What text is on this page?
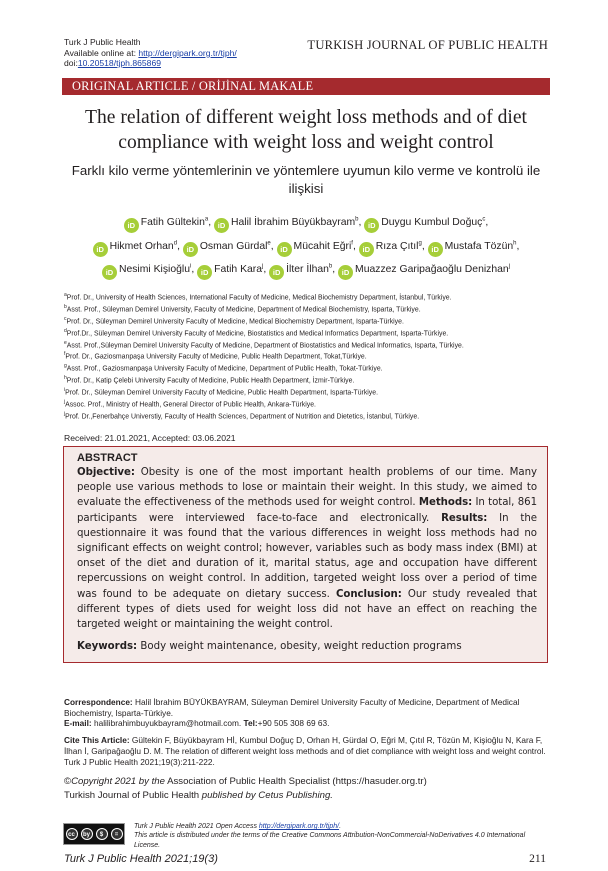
Turk J Public Health
Available online at: http://dergipark.org.tr/tjph/
doi:10.20518/tjph.865869
TURKISH JOURNAL OF PUBLIC HEALTH
ORIGINAL ARTICLE / ORİJİNAL MAKALE
The relation of different weight loss methods and of diet compliance with weight loss and weight control
Farklı kilo verme yöntemlerinin ve yöntemlere uyumun kilo verme ve kontrolü ile ilişkisi
iD Fatih Gültekin$^a$, iD Halil İbrahim Büyükbayram$^b$, iD Duygu Kumbul Doğuç$^c$,
iD Hikmet Orhan$^d$, iD Osman Gürdal$^e$, iD Mücahit Eğri$^f$, iD Rıza Çıtıl$^g$, iD Mustafa Tözün$^h$,
iD Nesimi Kişioğlu$^i$, iD Fatih Kara$^j$, iD İlter İlhan$^b$, iD Muazzez Garipağaoğlu Denizhan$^j$
$^a$Prof. Dr., University of Health Sciences, International Faculty of Medicine, Medical Biochemistry Department, İstanbul, Türkiye.
$^b$Asst. Prof., Süleyman Demirel University, Faculty of Medicine, Department of Medical Biochemistry, Isparta, Türkiye.
$^c$Prof. Dr., Süleyman Demirel University Faculty of Medicine, Medical Biochemistry Department, Isparta-Türkiye.
$^d$Prof.Dr., Süleyman Demirel University Faculty of Medicine, Biostatistics and Medical Informatics Department, Isparta-Türkiye.
$^e$Asst. Prof.,Süleyman Demirel University Faculty of Medicine, Department of Biostatistics and Medical Informatics, Isparta, Türkiye.
$^f$Prof. Dr., Gaziosmanpaşa University Faculty of Medicine, Public Health Department, Tokat,Türkiye.
$^g$Asst. Prof., Gaziosmanpaşa University Faculty of Medicine, Department of Public Health, Tokat-Türkiye.
$^h$Prof. Dr., Katip Çelebi University Faculty of Medicine, Public Health Department, İzmir-Türkiye.
$^i$Prof. Dr., Süleyman Demirel University Faculty of Medicine, Public Health Department, Isparta-Türkiye.
$^j$Assoc. Prof., Ministry of Health, General Director of Public Health, Ankara-Türkiye.
$^j$Prof. Dr.,Fenerbahçe Universtiy, Faculty of Health Sciences, Department of Nutrition and Dietetics, İstanbul, Türkiye.
Received: 21.01.2021, Accepted: 03.06.2021
ABSTRACT
Objective: Obesity is one of the most important health problems of our time. Many people use various methods to lose or maintain their weight. In this study, we aimed to evaluate the effectiveness of the methods used for weight control. Methods: In total, 861 participants were interviewed face-to-face and electronically. Results: In the questionnaire it was found that the various differences in weight loss methods had no significant effects on weight control; however, variables such as body mass index (BMI) at onset of the diet and duration of it, marital status, age and occupation have different repercussions on weight control. In addition, targeted weight loss over a period of time was found to be adequate on dietary success. Conclusion: Our study revealed that different types of diets used for weight loss did not have an effect on reaching the targeted weight or maintaining the weight control.
Keywords: Body weight maintenance, obesity, weight reduction programs
Correspondence: Halil İbrahim BÜYÜKBAYRAM, Süleyman Demirel University Faculty of Medicine, Department of Medical Biochemistry, Isparta-Türkiye.
E-mail: halilibrahimbuyukbayram@hotmail.com. Tel:+90 505 308 69 63.
Cite This Article: Gültekin F, Büyükbayram Hİ, Kumbul Doğuç D, Orhan H, Gürdal O, Eğri M, Çıtıl R, Tözün M, Kişioğlu N, Kara F, İlhan İ, Garipağaoğlu D. M. The relation of different weight loss methods and of diet compliance with weight loss and weight control. Turk J Public Health 2021;19(3):211-222.
©Copyright 2021 by the Association of Public Health Specialist (https://hasuder.org.tr)
Turkish Journal of Public Health published by Cetus Publishing.
cc	by	$	=
Turk J Public Health 2021 Open Access http://dergipark.org.tr/tjph/.
This article is distributed under the terms of the Creative Commons Attribution-NonCommercial-NoDerivatives 4.0 International License.
Turk J Public Health 2021;19(3)	211
